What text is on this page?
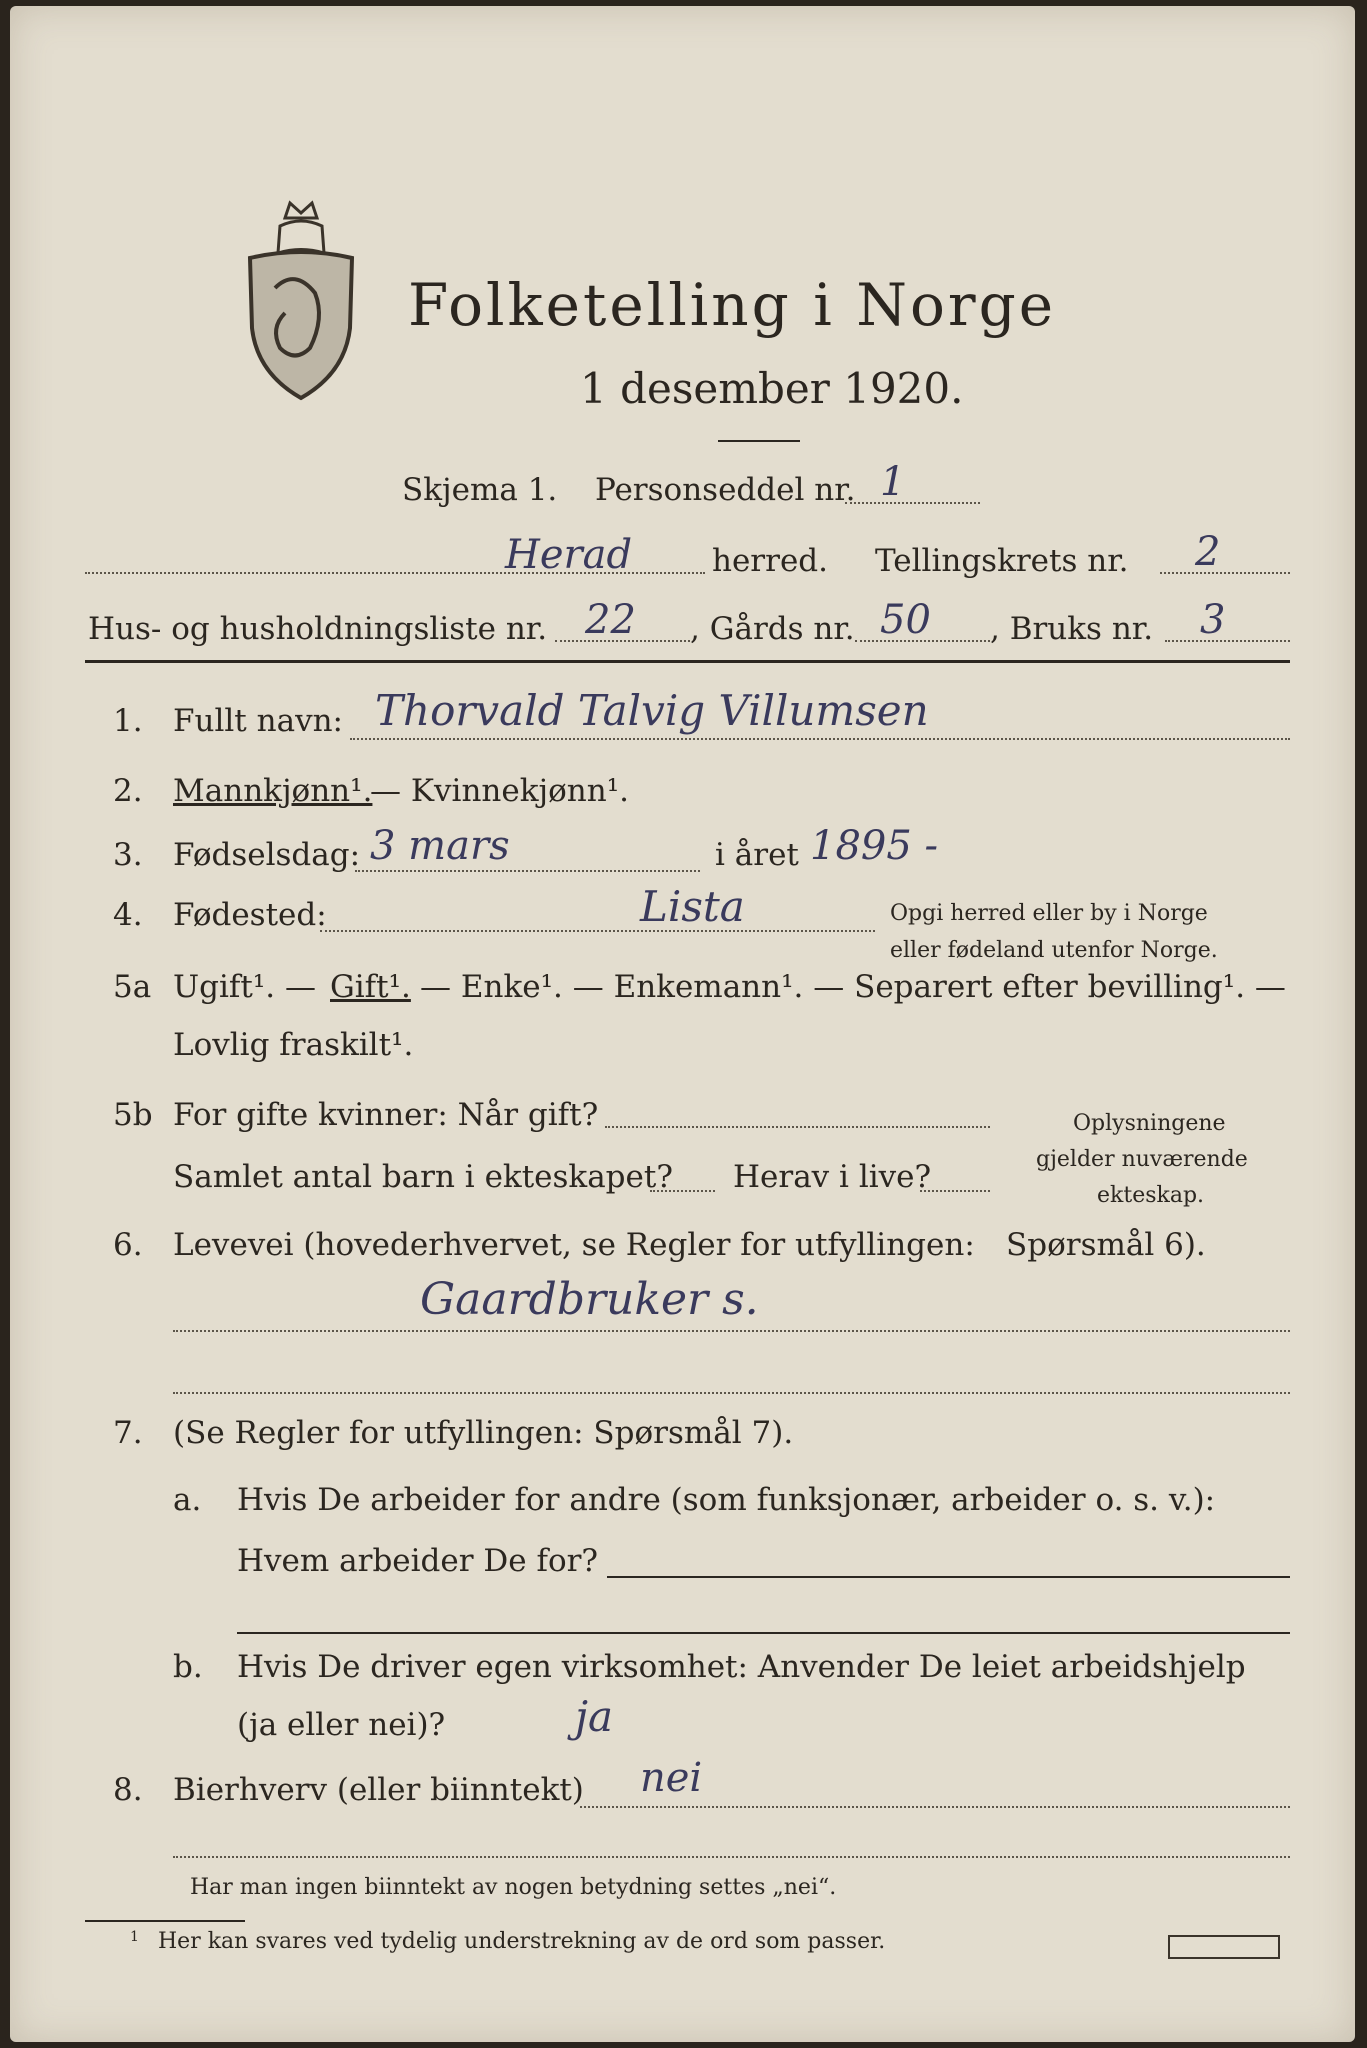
Folketelling i Norge
1 desember 1920.
Skjema 1. Personseddel nr. 1
Herad	herred. Tellingskrets nr. 2
Hus- og husholdningsliste nr. 22 , Gårds nr. 50 , Bruks nr. 3
1. Fullt navn: Thorvald Talvig Villumsen
2. Mannkjønn¹.
— Kvinnekjønn¹.
3. Fødselsdag: 3 mars	i året 1895 -
4. Fødested:	Lista	Opgi herred eller by i Norge
eller fødeland utenfor Norge.
5a Ugift¹. — Gift¹. — Enke¹. — Enkemann¹. — Separert efter bevilling¹. —
Lovlig fraskilt¹.
5b For gifte kvinner: Når gift?
Samlet antal barn i ekteskapet? Herav i live?
Oplysningene
gjelder nuværende
ekteskap.
6. Levevei (hovederhvervet, se Regler for utfyllingen: Spørsmål 6).
Gaardbruker s.
7. (Se Regler for utfyllingen: Spørsmål 7).
a. Hvis De arbeider for andre (som funksjonær, arbeider o. s. v.):
Hvem arbeider De for?
b. Hvis De driver egen virksomhet: Anvender De leiet arbeidshjelp
(ja eller nei)?	ja
8. Bierhverv (eller biinntekt) nei
Har man ingen biinntekt av nogen betydning settes „nei“.
1 Her kan svares ved tydelig understrekning av de ord som passer.
